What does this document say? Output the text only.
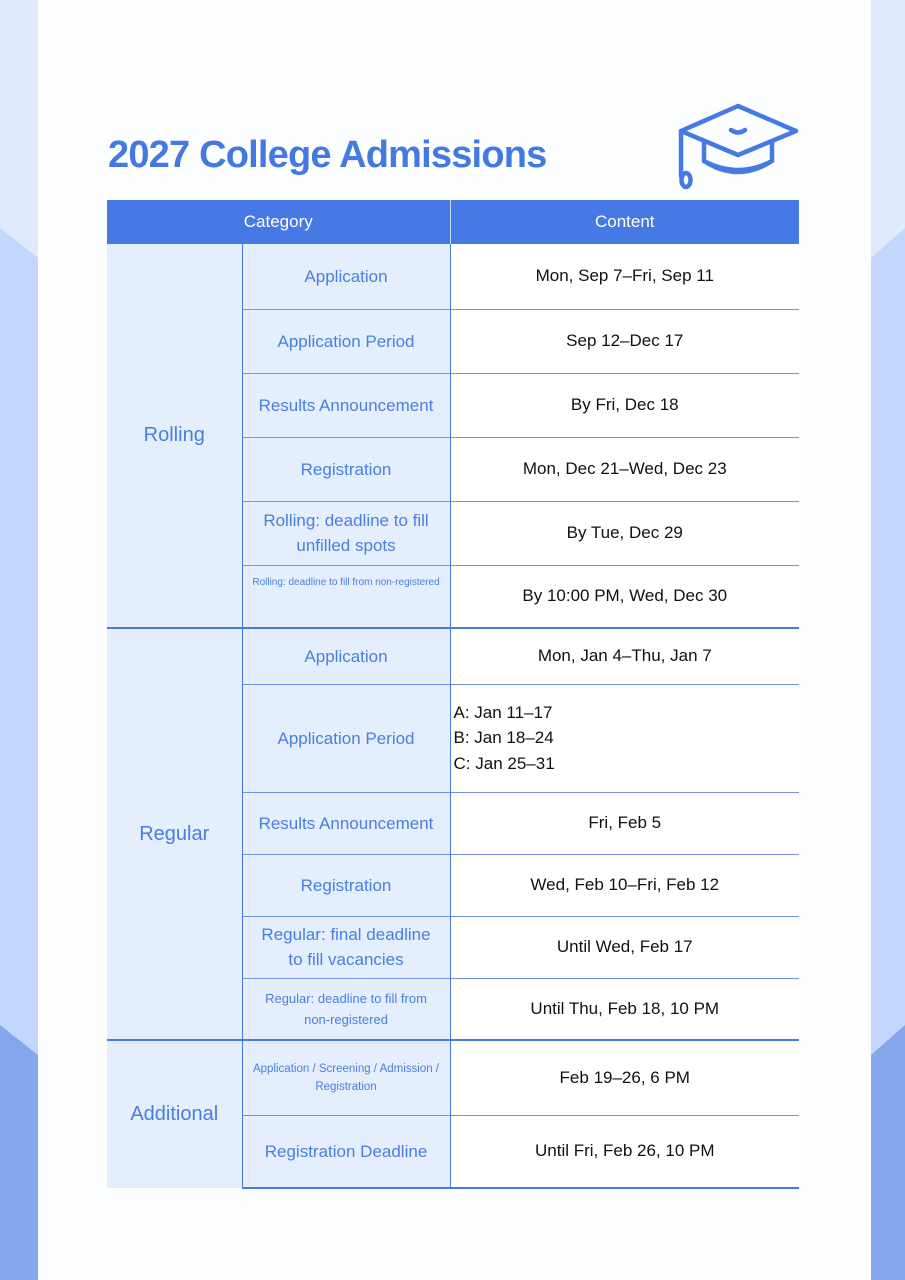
2027 College Admissions
Category		Content
Rolling	Application	Mon, Sep 7–Fri, Sep 11
	Application Period	Sep 12–Dec 17
	Results Announcement	By Fri, Dec 18
	Registration	Mon, Dec 21–Wed, Dec 23
	Rolling: deadline to fill unfilled spots	By Tue, Dec 29
	Rolling: deadline to fill from non-registered	By 10:00 PM, Wed, Dec 30
Regular	Application	Mon, Jan 4–Thu, Jan 7
	Application Period	A: Jan 11–17
B: Jan 18–24
C: Jan 25–31

	Results Announcement	Fri, Feb 5
	Registration	Wed, Feb 10–Fri, Feb 12
	Regular: final deadline to fill vacancies	Until Wed, Feb 17
	Regular: deadline to fill from non-registered	Until Thu, Feb 18, 10 PM
Additional	Application / Screening / Admission / Registration	Feb 19–26, 6 PM
	Registration Deadline	Until Fri, Feb 26, 10 PM
